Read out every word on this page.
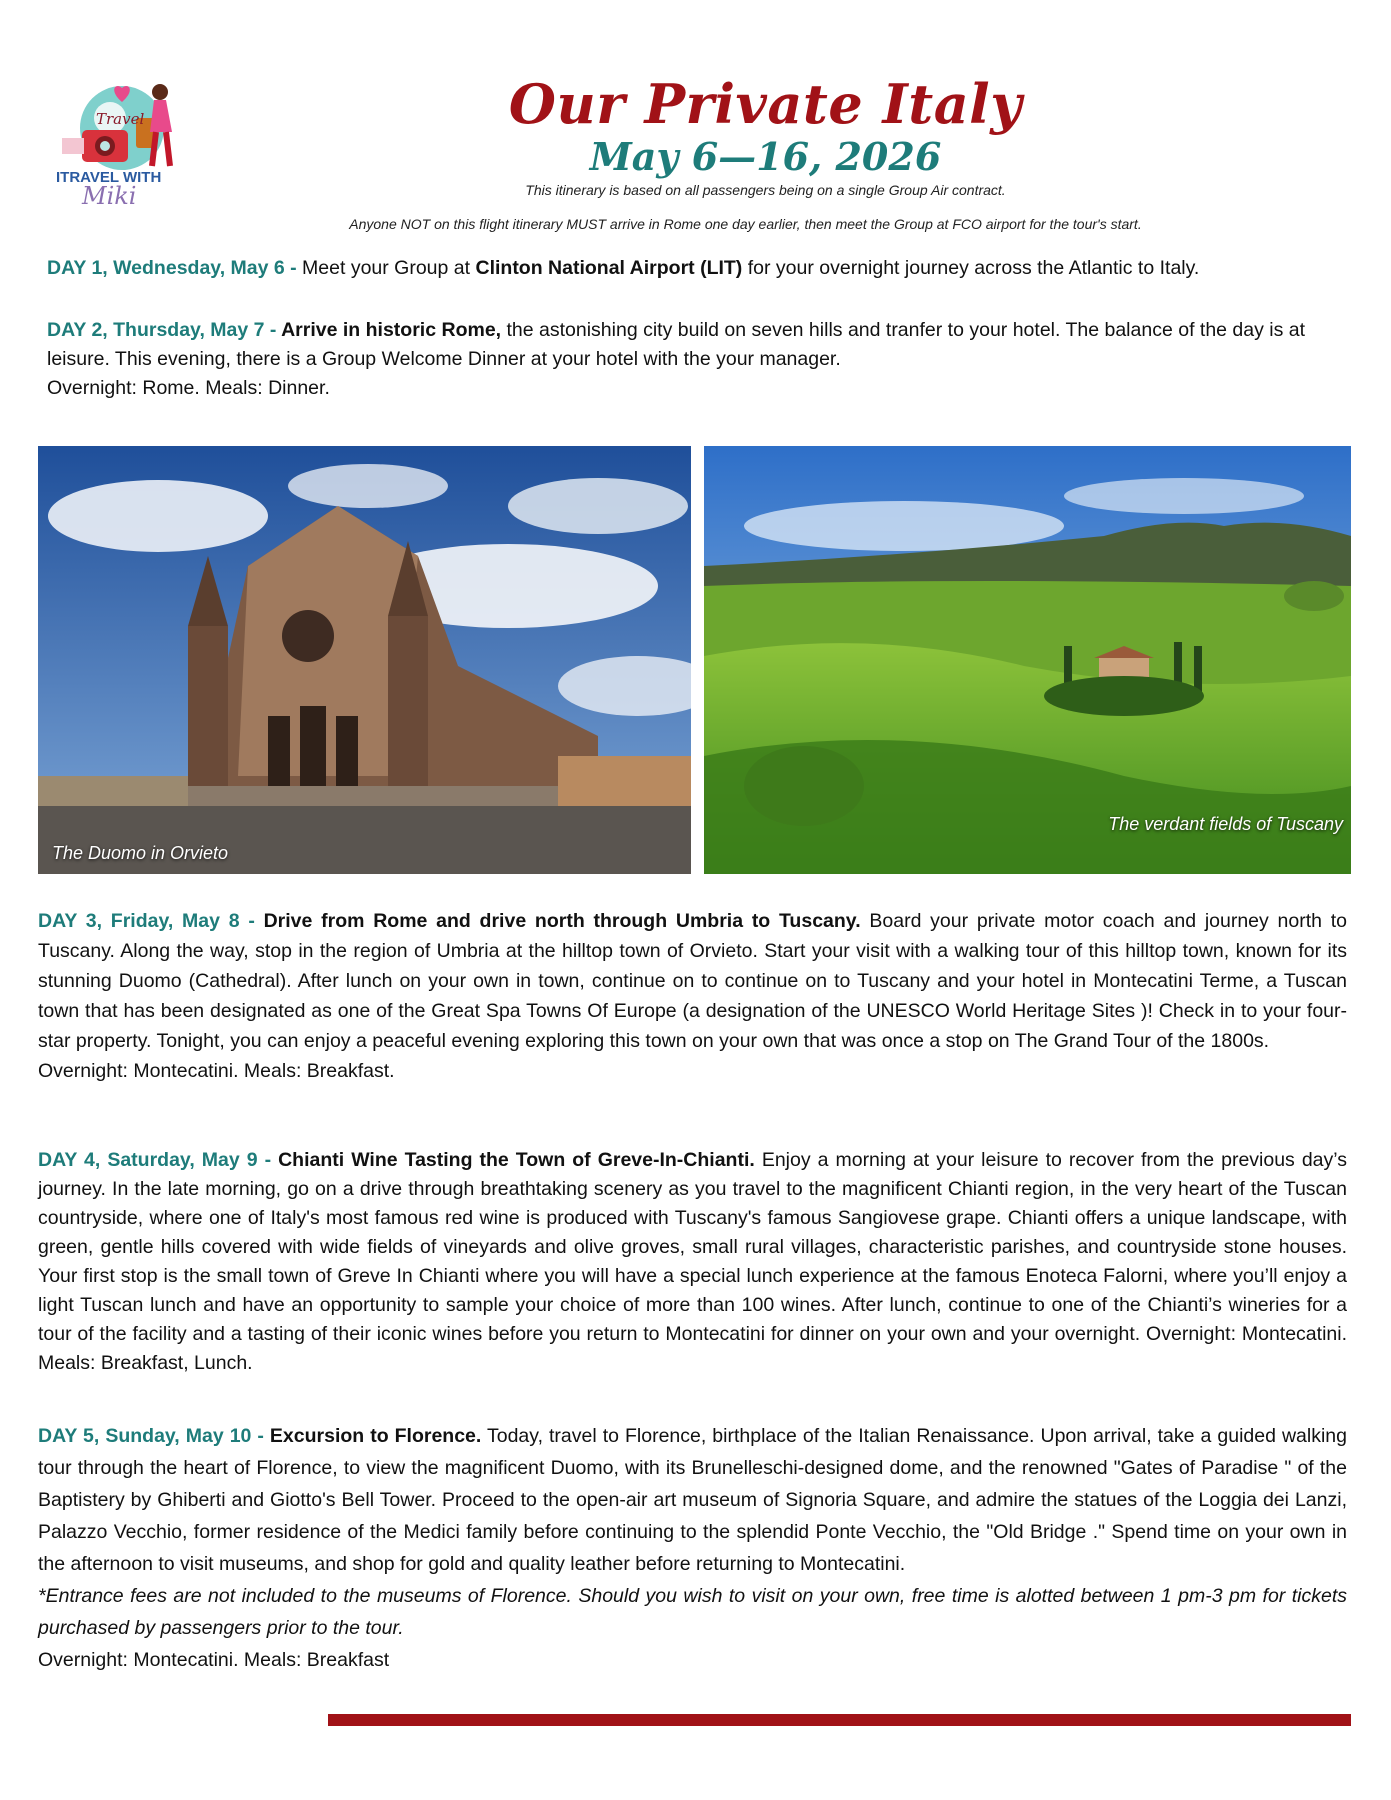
Travel
ITRAVEL WITH
Miki
Our Private Italy
May 6—16, 2026

This itinerary is based on all passengers being on a single Group Air contract.

Anyone NOT on this flight itinerary MUST arrive in Rome one day earlier, then meet the Group at FCO airport for the tour's start.

DAY 1, Wednesday, May 6 - Meet your Group at Clinton National Airport (LIT) for your overnight journey across the Atlantic to Italy.

DAY 2, Thursday, May 7 - Arrive in historic Rome, the astonishing city build on seven hills and tranfer to your hotel. The balance of the day is at leisure. This evening, there is a Group Welcome Dinner at your hotel with the your manager.
Overnight: Rome. Meals: Dinner.

The Duomo in Orvieto
The verdant fields of Tuscany

DAY 3, Friday, May 8 - Drive from Rome and drive north through Umbria to Tuscany. Board your private motor coach and journey north to Tuscany. Along the way, stop in the region of Umbria at the hilltop town of Orvieto. Start your visit with a walking tour of this hilltop town, known for its stunning Duomo (Cathedral). After lunch on your own in town, continue on to continue on to Tuscany and your hotel in Montecatini Terme, a Tuscan town that has been designated as one of the Great Spa Towns Of Europe (a designation of the UNESCO World Heritage Sites )! Check in to your four-star property. Tonight, you can enjoy a peaceful evening exploring this town on your own that was once a stop on The Grand Tour of the 1800s.
Overnight: Montecatini. Meals: Breakfast.

DAY 4, Saturday, May 9 - Chianti Wine Tasting the Town of Greve-In-Chianti. Enjoy a morning at your leisure to recover from the previous day’s journey. In the late morning, go on a drive through breathtaking scenery as you travel to the magnificent Chianti region, in the very heart of the Tuscan countryside, where one of Italy's most famous red wine is produced with Tuscany's famous Sangiovese grape. Chianti offers a unique landscape, with green, gentle hills covered with wide fields of vineyards and olive groves, small rural villages, characteristic parishes, and countryside stone houses. Your first stop is the small town of Greve In Chianti where you will have a special lunch experience at the famous Enoteca Falorni, where you’ll enjoy a light Tuscan lunch and have an opportunity to sample your choice of more than 100 wines. After lunch, continue to one of the Chianti’s wineries for a tour of the facility and a tasting of their iconic wines before you return to Montecatini for dinner on your own and your overnight. Overnight: Montecatini. Meals: Breakfast, Lunch.

DAY 5, Sunday, May 10 - Excursion to Florence. Today, travel to Florence, birthplace of the Italian Renaissance. Upon arrival, take a guided walking tour through the heart of Florence, to view the magnificent Duomo, with its Brunelleschi-designed dome, and the renowned "Gates of Paradise " of the Baptistery by Ghiberti and Giotto's Bell Tower. Proceed to the open-air art museum of Signoria Square, and admire the statues of the Loggia dei Lanzi, Palazzo Vecchio, former residence of the Medici family before continuing to the splendid Ponte Vecchio, the "Old Bridge ." Spend time on your own in the afternoon to visit museums, and shop for gold and quality leather before returning to Montecatini.
*Entrance fees are not included to the museums of Florence. Should you wish to visit on your own, free time is alotted between 1 pm-3 pm for tickets purchased by passengers prior to the tour.
Overnight: Montecatini. Meals: Breakfast
